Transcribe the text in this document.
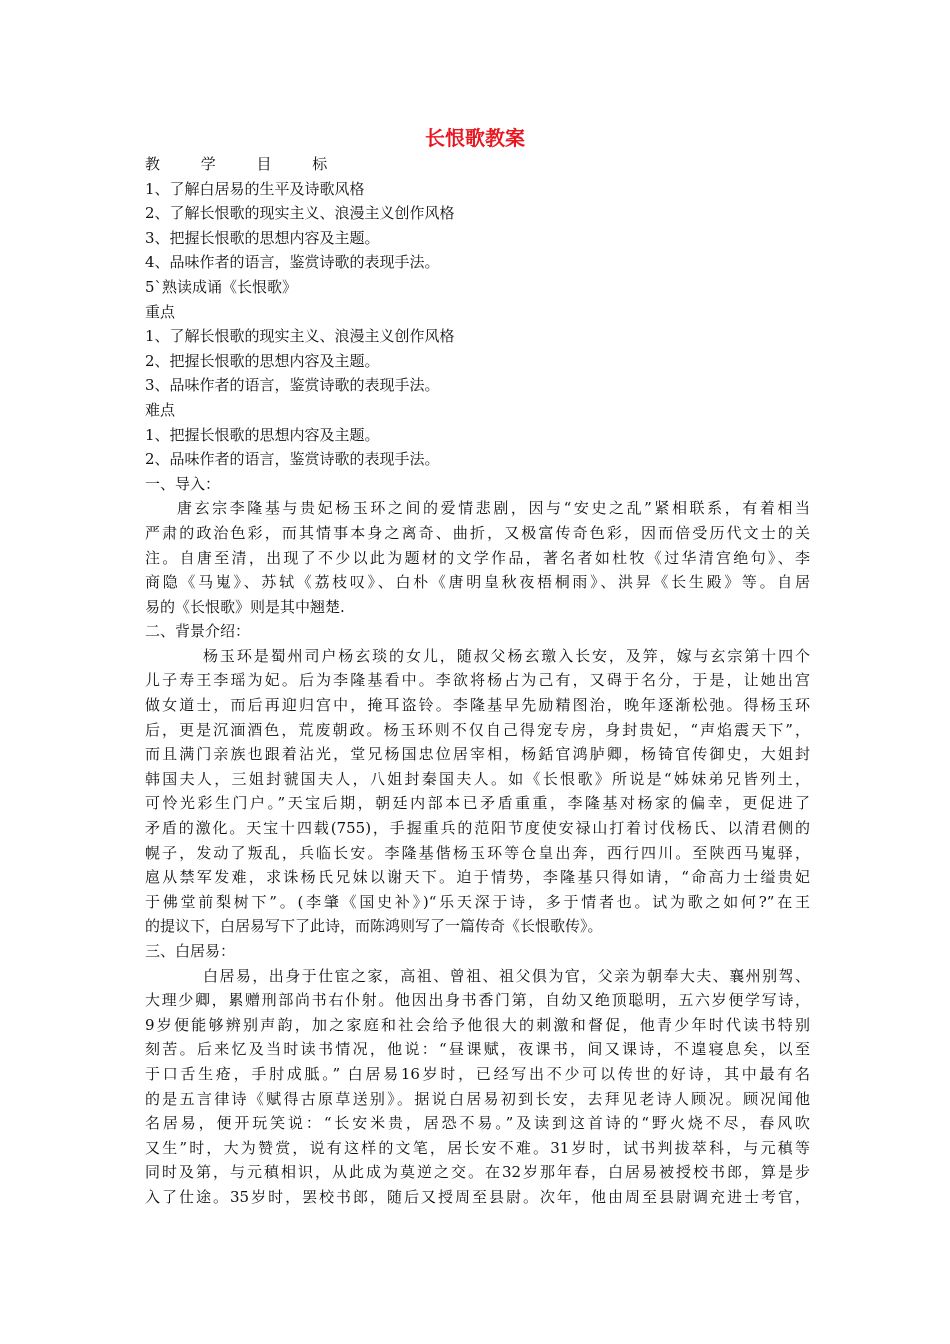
长恨歌教案
教 学 目 标
1、了解白居易的生平及诗歌风格
2、了解长恨歌的现实主义、浪漫主义创作风格
3、把握长恨歌的思想内容及主题。
4、品味作者的语言，鉴赏诗歌的表现手法。
5`熟读成诵《长恨歌》
重点
1、了解长恨歌的现实主义、浪漫主义创作风格
2、把握长恨歌的思想内容及主题。
3、品味作者的语言，鉴赏诗歌的表现手法。
难点
1、把握长恨歌的思想内容及主题。
2、品味作者的语言，鉴赏诗歌的表现手法。
一、导入：
唐玄宗李隆基与贵妃杨玉环之间的爱情悲剧，因与“安史之乱”紧相联系，有着相当
严肃的政治色彩，而其情事本身之离奇、曲折，又极富传奇色彩，因而倍受历代文士的关
注。自唐至清，出现了不少以此为题材的文学作品，著名者如杜牧《过华清宫绝句》、李
商隐《马嵬》、苏轼《荔枝叹》、白朴《唐明皇秋夜梧桐雨》、洪昇《长生殿》等。自居
易的《长恨歌》则是其中翘楚.
二、背景介绍：
杨玉环是蜀州司户杨玄琰的女儿，随叔父杨玄璬入长安，及笄，嫁与玄宗第十四个
儿子寿王李瑶为妃。后为李隆基看中。李欲将杨占为己有，又碍于名分，于是，让她出宫
做女道士，而后再迎归宫中，掩耳盗铃。李隆基早先励精图治，晚年逐渐松弛。得杨玉环
后，更是沉湎酒色，荒废朝政。杨玉环则不仅自己得宠专房，身封贵妃，“声焰震天下”，
而且满门亲族也跟着沾光，堂兄杨国忠位居宰相，杨銛官鸿胪卿，杨锜官传御史，大姐封
韩国夫人，三姐封虢国夫人，八姐封秦国夫人。如《长恨歌》所说是“姊妹弟兄皆列土，
可怜光彩生门户。”天宝后期，朝廷内部本已矛盾重重，李隆基对杨家的偏幸，更促进了
矛盾的激化。天宝十四载(755)，手握重兵的范阳节度使安禄山打着讨伐杨氏、以清君侧的
幌子，发动了叛乱，兵临长安。李隆基偕杨玉环等仓皇出奔，西行四川。至陕西马嵬驿，
扈从禁军发难，求诛杨氏兄妹以谢天下。迫于情势，李隆基只得如请，“命高力士缢贵妃
于佛堂前梨树下”。(李肇《国史补》)“乐天深于诗，多于情者也。试为歌之如何?”在王
的提议下，白居易写下了此诗，而陈鸿则写了一篇传奇《长恨歌传》。
三、白居易：
白居易，出身于仕宦之家，高祖、曾祖、祖父俱为官，父亲为朝奉大夫、襄州别驾、
大理少卿，累赠刑部尚书右仆射。他因出身书香门第，自幼又绝顶聪明，五六岁便学写诗，
9岁便能够辨别声韵，加之家庭和社会给予他很大的刺激和督促，他青少年时代读书特别
刻苦。后来忆及当时读书情况，他说：“昼课赋，夜课书，间又课诗，不遑寝息矣，以至
于口舌生疮，手肘成胝。” 白居易16岁时，已经写出不少可以传世的好诗，其中最有名
的是五言律诗《赋得古原草送别》。据说白居易初到长安，去拜见老诗人顾况。顾况闻他
名居易，便开玩笑说：“长安米贵，居恐不易。”及读到这首诗的“野火烧不尽，春风吹
又生”时，大为赞赏，说有这样的文笔，居长安不难。31岁时，试书判拔萃科，与元稹等
同时及第，与元稹相识，从此成为莫逆之交。在32岁那年春，白居易被授校书郎，算是步
入了仕途。35岁时，罢校书郎，随后又授周至县尉。次年，他由周至县尉调充进士考官，
